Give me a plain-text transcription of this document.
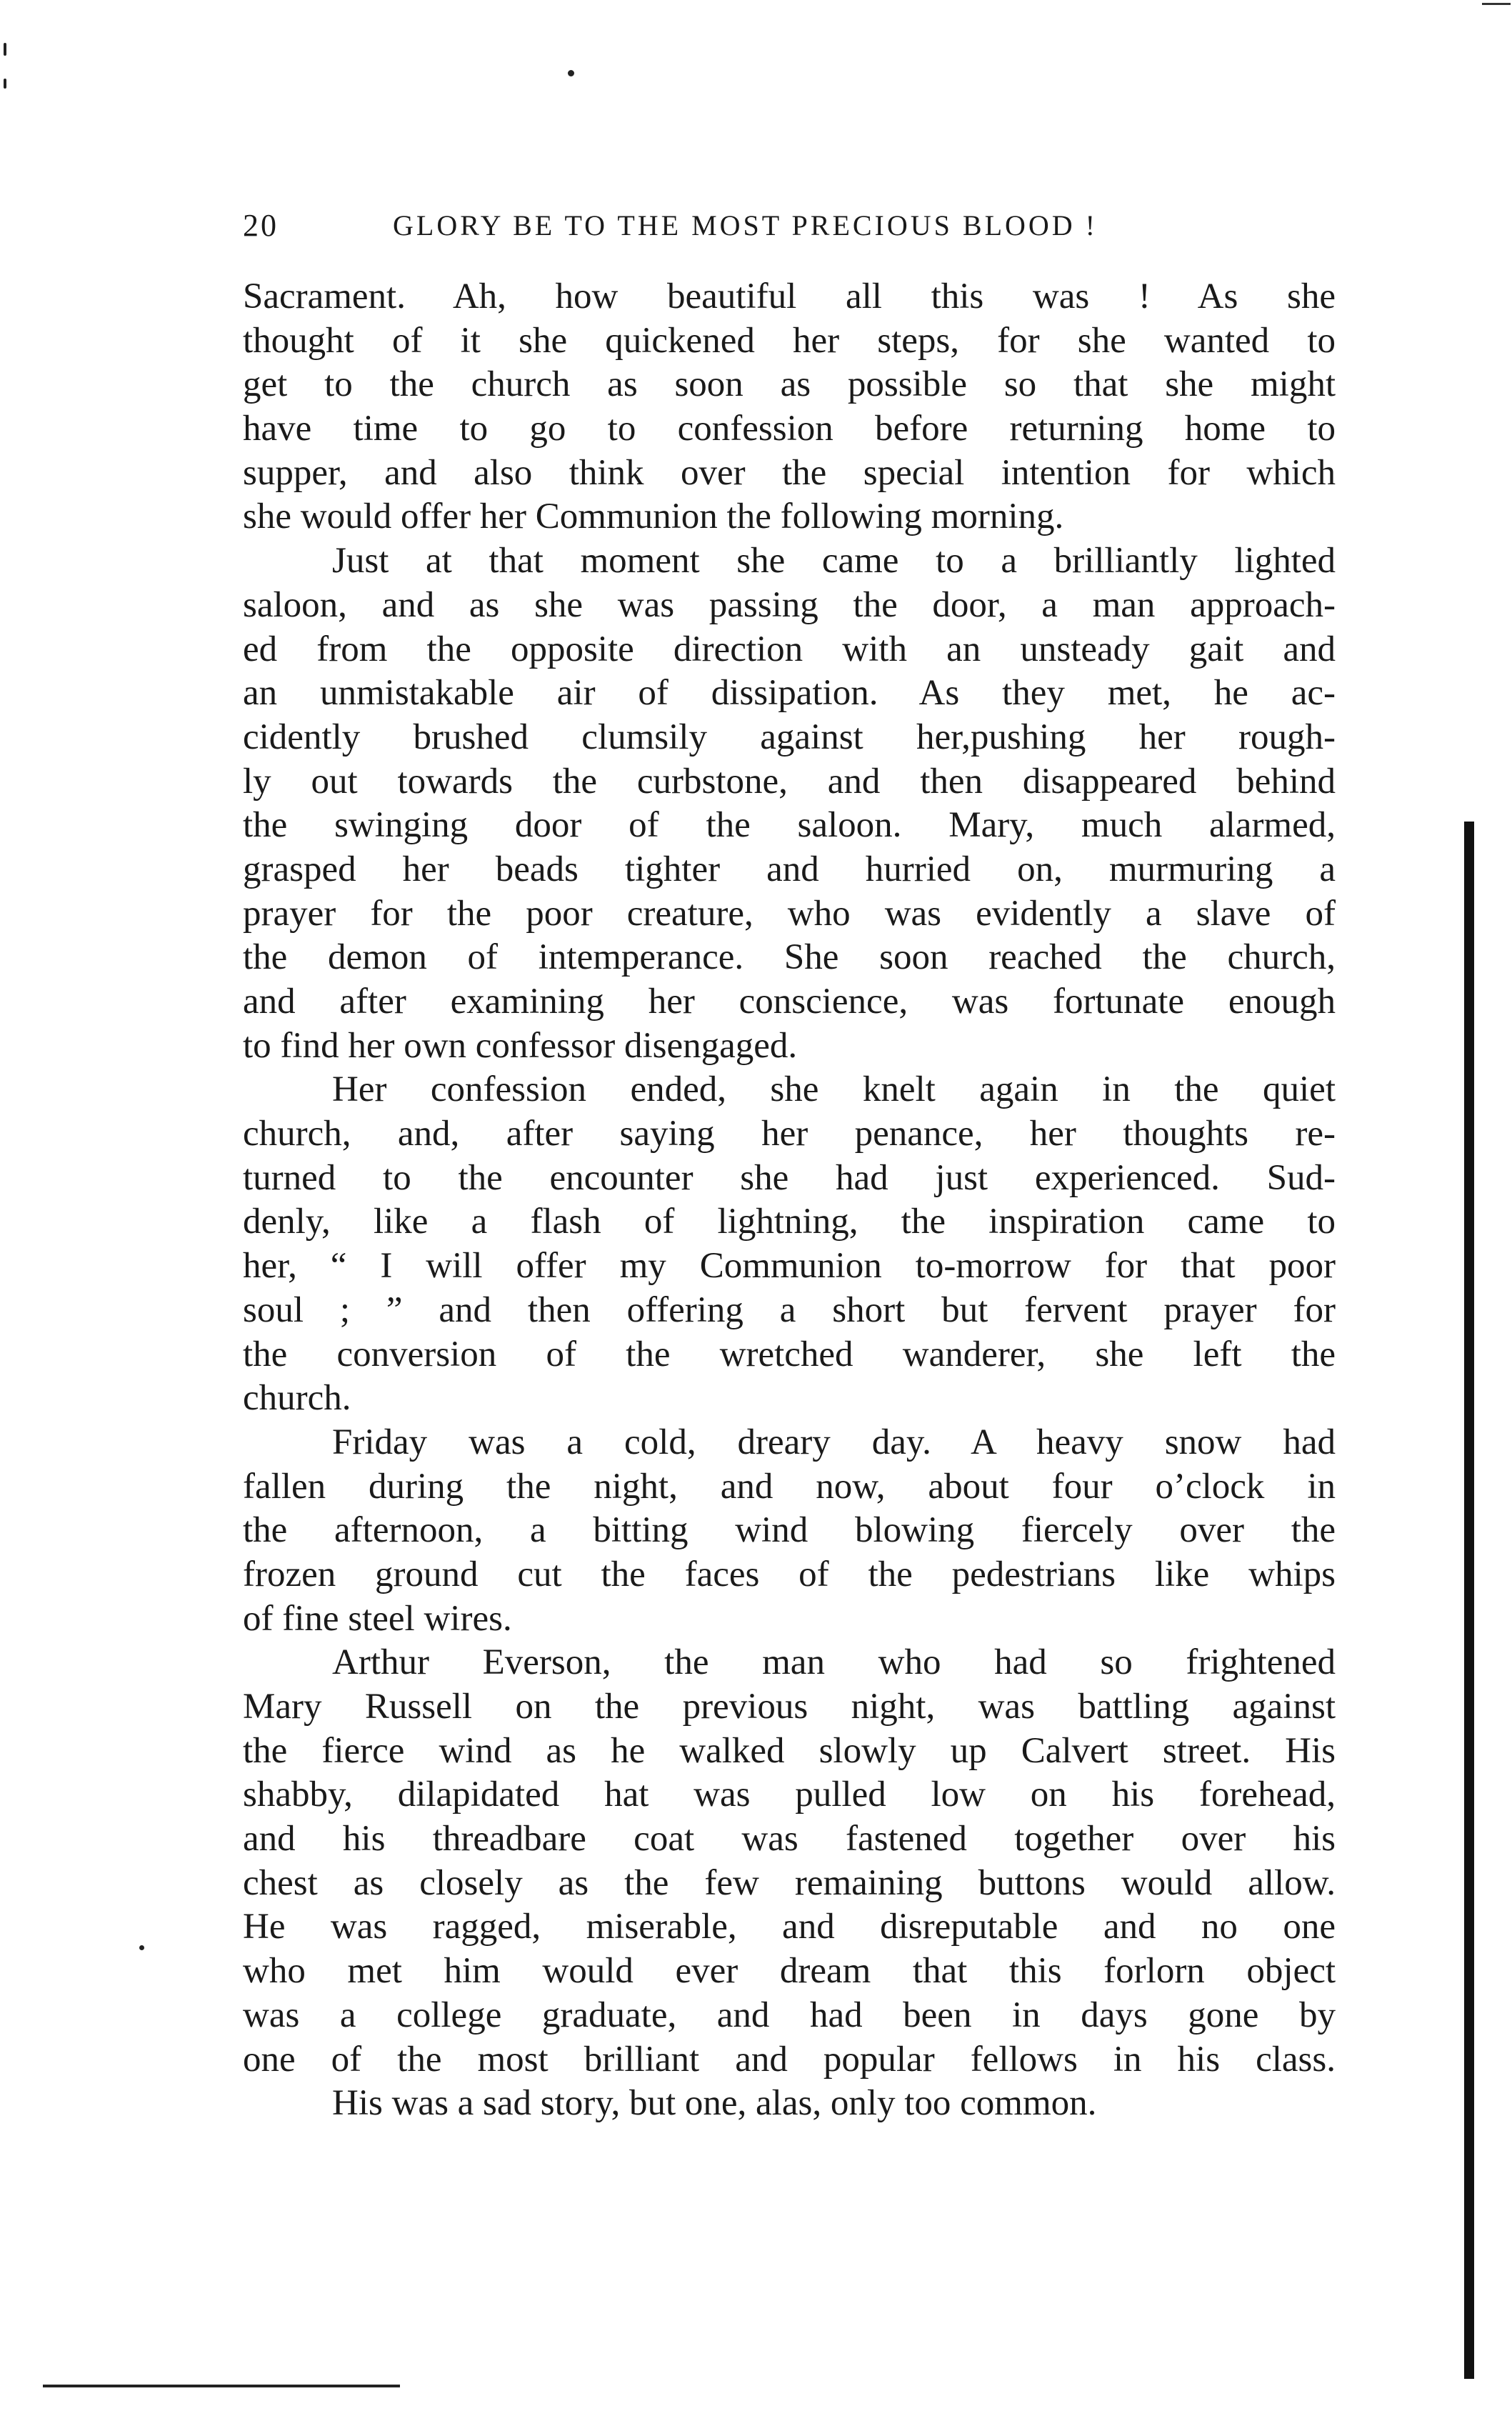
20	GLORY BE TO THE MOST PRECIOUS BLOOD !
Sacrament. Ah, how beautiful all this was ! As she
thought of it she quickened her steps, for she wanted to
get to the church as soon as possible so that she might
have time to go to confession before returning home to
supper, and also think over the special intention for which
she would offer her Communion the following morning.
Just at that moment she came to a brilliantly lighted
saloon, and as she was passing the door, a man approach-
ed from the opposite direction with an unsteady gait and
an unmistakable air of dissipation. As they met, he ac-
cidently brushed clumsily against her,pushing her rough-
ly out towards the curbstone, and then disappeared behind
the swinging door of the saloon. Mary, much alarmed,
grasped her beads tighter and hurried on, murmuring a
prayer for the poor creature, who was evidently a slave of
the demon of intemperance. She soon reached the church,
and after examining her conscience, was fortunate enough
to find her own confessor disengaged.
Her confession ended, she knelt again in the quiet
church, and, after saying her penance, her thoughts re-
turned to the encounter she had just experienced. Sud-
denly, like a flash of lightning, the inspiration came to
her, “ I will offer my Communion to-morrow for that poor
soul ; ” and then offering a short but fervent prayer for
the conversion of the wretched wanderer, she left the
church.
Friday was a cold, dreary day. A heavy snow had
fallen during the night, and now, about four o’clock in
the afternoon, a bitting wind blowing fiercely over the
frozen ground cut the faces of the pedestrians like whips
of fine steel wires.
Arthur Everson, the man who had so frightened
Mary Russell on the previous night, was battling against
the fierce wind as he walked slowly up Calvert street. His
shabby, dilapidated hat was pulled low on his forehead,
and his threadbare coat was fastened together over his
chest as closely as the few remaining buttons would allow.
He was ragged, miserable, and disreputable and no one
who met him would ever dream that this forlorn object
was a college graduate, and had been in days gone by
one of the most brilliant and popular fellows in his class.
His was a sad story, but one, alas, only too common.
